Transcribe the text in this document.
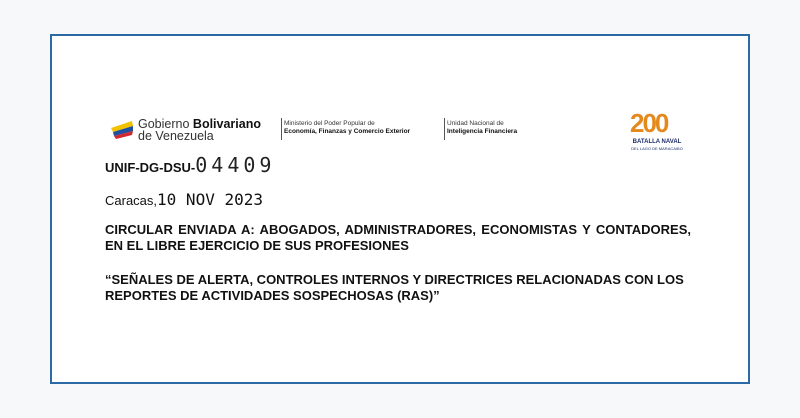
Gobierno Bolivariano
de Venezuela
Ministerio del Poder Popular de
Economía, Finanzas y Comercio Exterior
Unidad Nacional de
Inteligencia Financiera	200
BATALLA NAVAL
DEL LAGO DE MARACAIBO
UNIF-DG-DSU-04409
Caracas,10 NOV 2023
CIRCULAR ENVIADA A: ABOGADOS, ADMINISTRADORES, ECONOMISTAS Y CONTADORES, EN EL LIBRE EJERCICIO DE SUS PROFESIONES
“SEÑALES DE ALERTA, CONTROLES INTERNOS Y DIRECTRICES RELACIONADAS CON LOS REPORTES DE ACTIVIDADES SOSPECHOSAS (RAS)”
